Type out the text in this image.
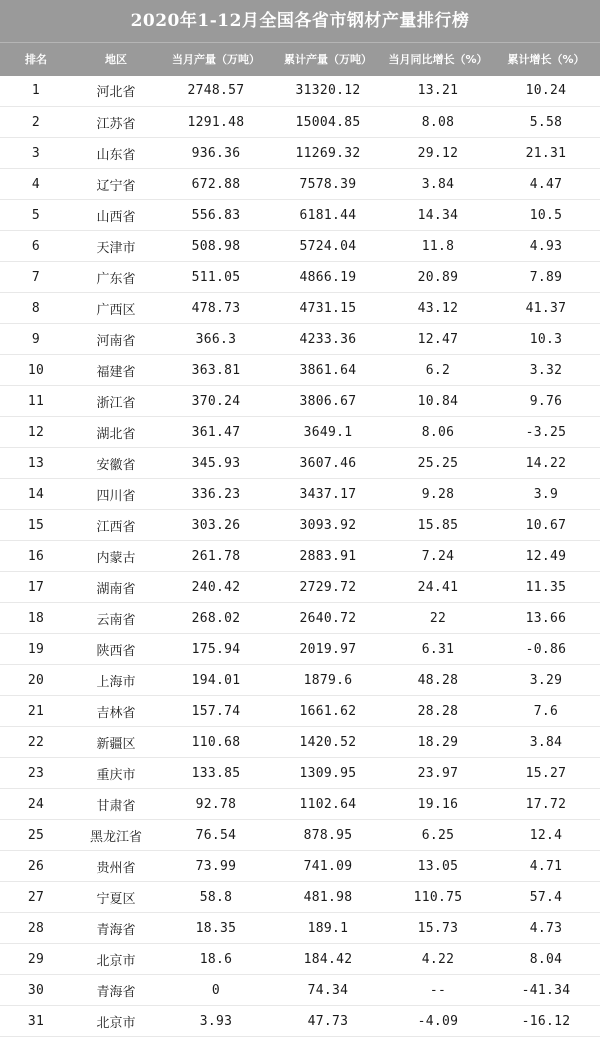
2020年1-12月全国各省市钢材产量排行榜
排名	地区	当月产量（万吨）	累计产量（万吨）	当月同比增长（%）	累计增长（%）
1	河北省	2748.57	31320.12	13.21	10.24
2	江苏省	1291.48	15004.85	8.08	5.58
3	山东省	936.36	11269.32	29.12	21.31
4	辽宁省	672.88	7578.39	3.84	4.47
5	山西省	556.83	6181.44	14.34	10.5
6	天津市	508.98	5724.04	11.8	4.93
7	广东省	511.05	4866.19	20.89	7.89
8	广西区	478.73	4731.15	43.12	41.37
9	河南省	366.3	4233.36	12.47	10.3
10	福建省	363.81	3861.64	6.2	3.32
11	浙江省	370.24	3806.67	10.84	9.76
12	湖北省	361.47	3649.1	8.06	-3.25
13	安徽省	345.93	3607.46	25.25	14.22
14	四川省	336.23	3437.17	9.28	3.9
15	江西省	303.26	3093.92	15.85	10.67
16	内蒙古	261.78	2883.91	7.24	12.49
17	湖南省	240.42	2729.72	24.41	11.35
18	云南省	268.02	2640.72	22	13.66
19	陕西省	175.94	2019.97	6.31	-0.86
20	上海市	194.01	1879.6	48.28	3.29
21	吉林省	157.74	1661.62	28.28	7.6
22	新疆区	110.68	1420.52	18.29	3.84
23	重庆市	133.85	1309.95	23.97	15.27
24	甘肃省	92.78	1102.64	19.16	17.72
25	黑龙江省	76.54	878.95	6.25	12.4
26	贵州省	73.99	741.09	13.05	4.71
27	宁夏区	58.8	481.98	110.75	57.4
28	青海省	18.35	189.1	15.73	4.73
29	北京市	18.6	184.42	4.22	8.04
30	青海省	0	74.34	--	-41.34
31	北京市	3.93	47.73	-4.09	-16.12
